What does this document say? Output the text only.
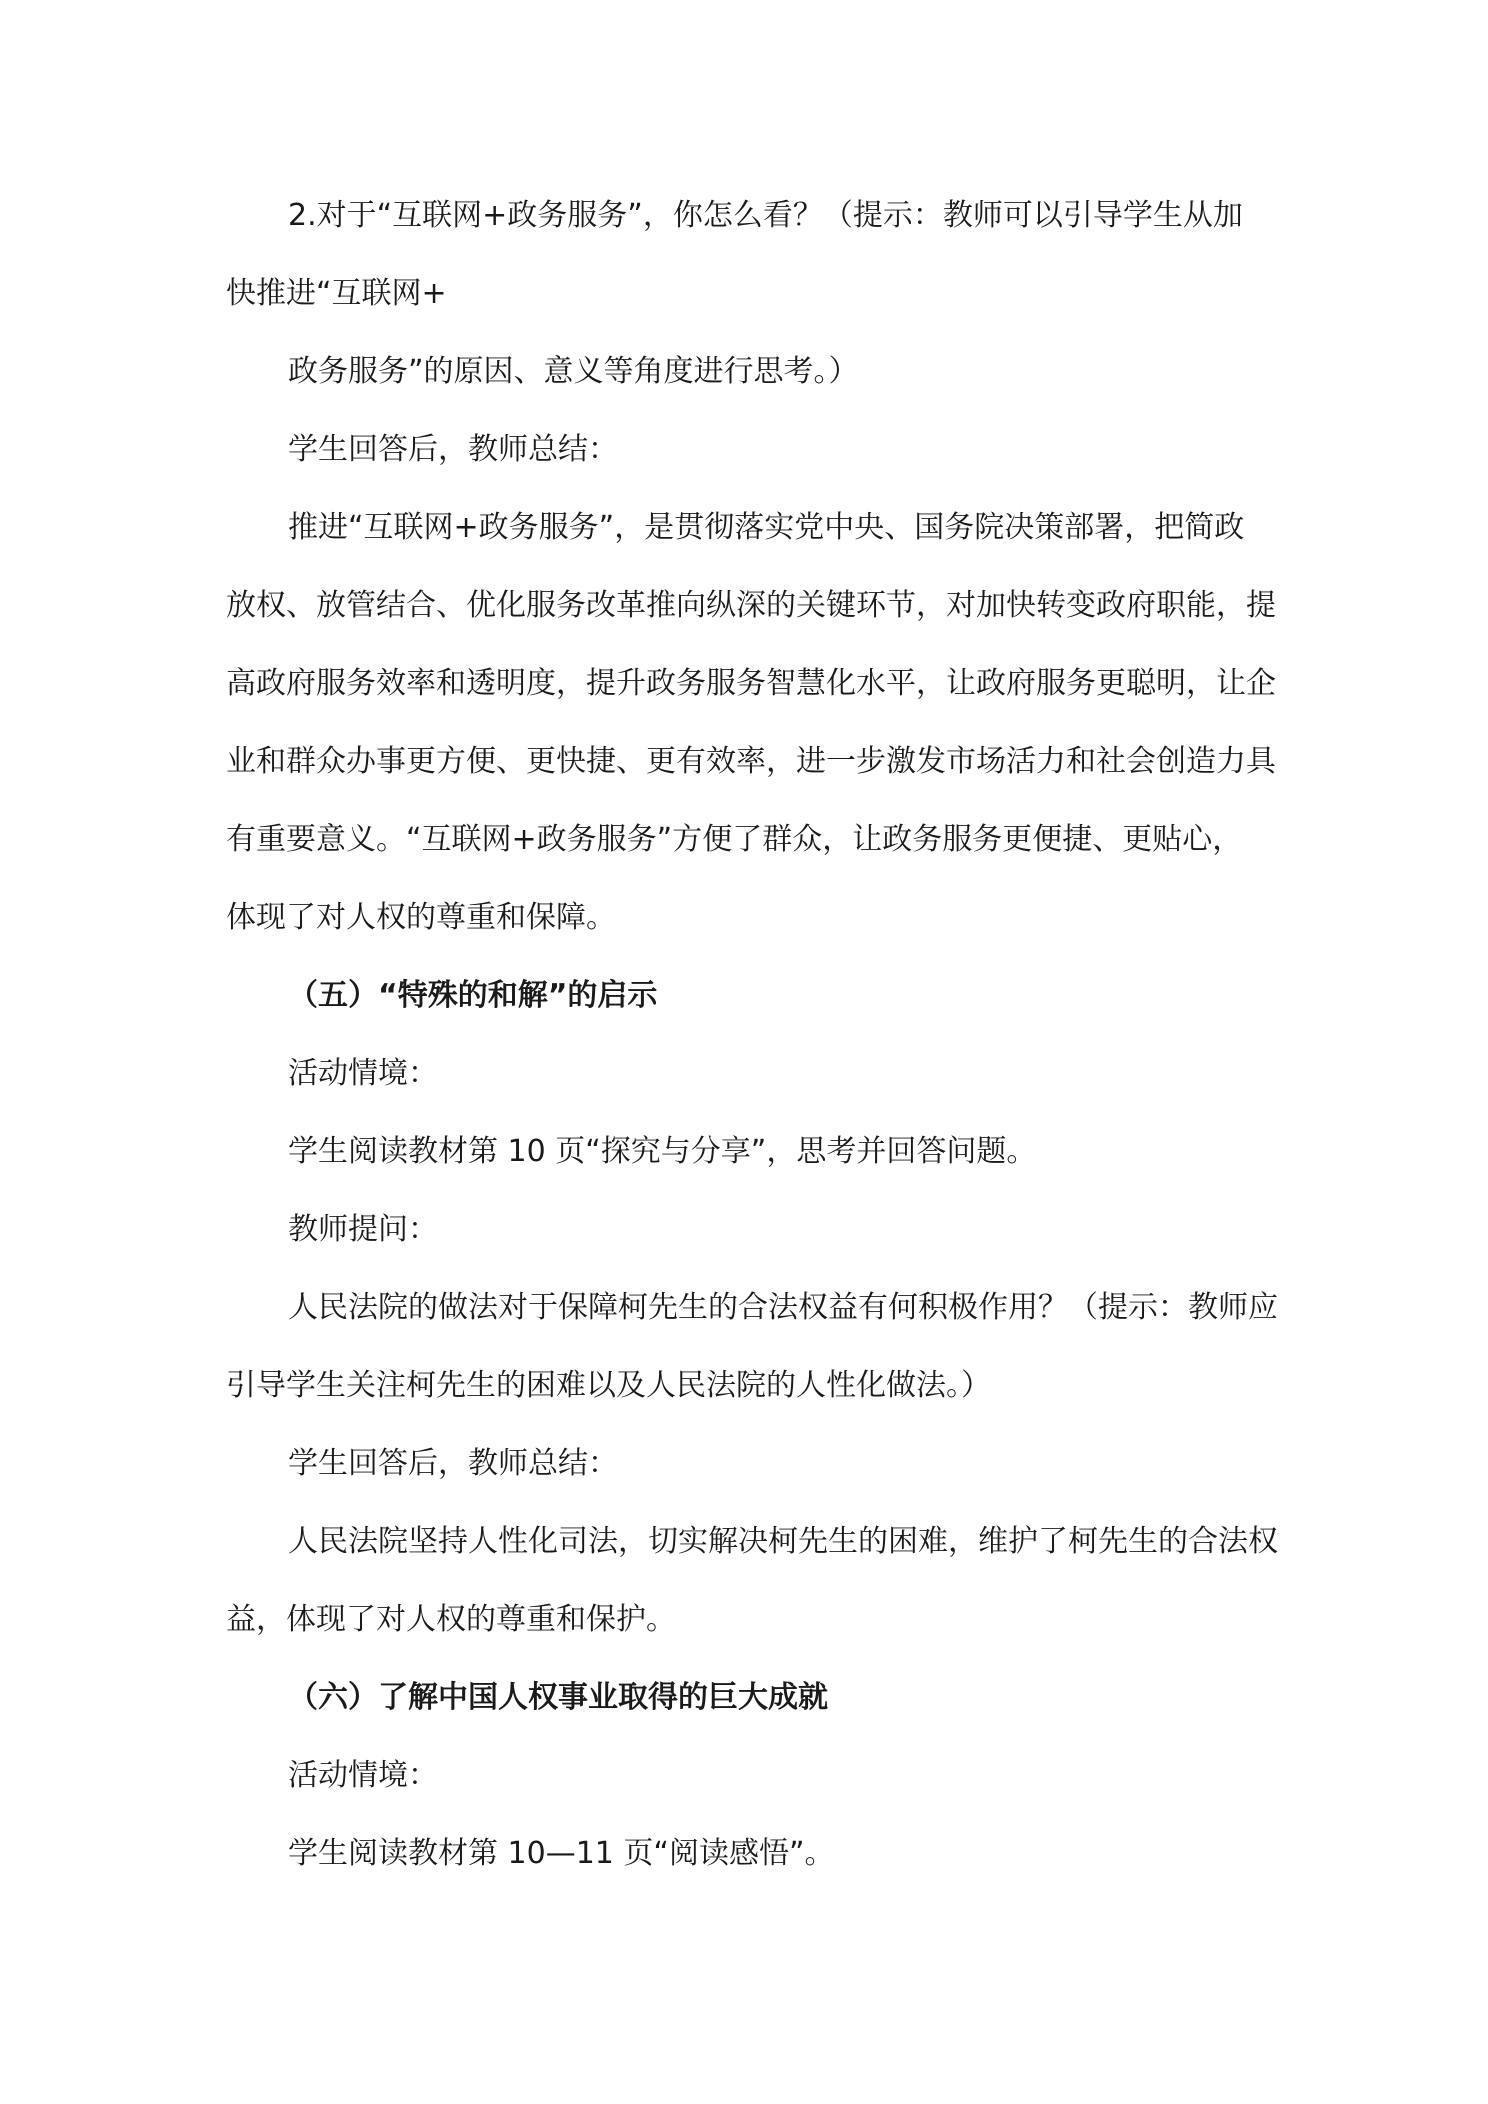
2.对于“互联网+政务服务”，你怎么看？（提示：教师可以引导学生从加
快推进“互联网+
政务服务”的原因、意义等角度进行思考。）
学生回答后，教师总结：
推进“互联网+政务服务”，是贯彻落实党中央、国务院决策部署，把简政
放权、放管结合、优化服务改革推向纵深的关键环节，对加快转变政府职能，提
高政府服务效率和透明度，提升政务服务智慧化水平，让政府服务更聪明，让企
业和群众办事更方便、更快捷、更有效率，进一步激发市场活力和社会创造力具
有重要意义。“互联网+政务服务”方便了群众，让政务服务更便捷、更贴心，
体现了对人权的尊重和保障。
（五）“特殊的和解”的启示
活动情境：
学生阅读教材第 10 页“探究与分享”，思考并回答问题。
教师提问：
人民法院的做法对于保障柯先生的合法权益有何积极作用？（提示：教师应
引导学生关注柯先生的困难以及人民法院的人性化做法。）
学生回答后，教师总结：
人民法院坚持人性化司法，切实解决柯先生的困难，维护了柯先生的合法权
益，体现了对人权的尊重和保护。
（六）了解中国人权事业取得的巨大成就
活动情境：
学生阅读教材第 10—11 页“阅读感悟”。
